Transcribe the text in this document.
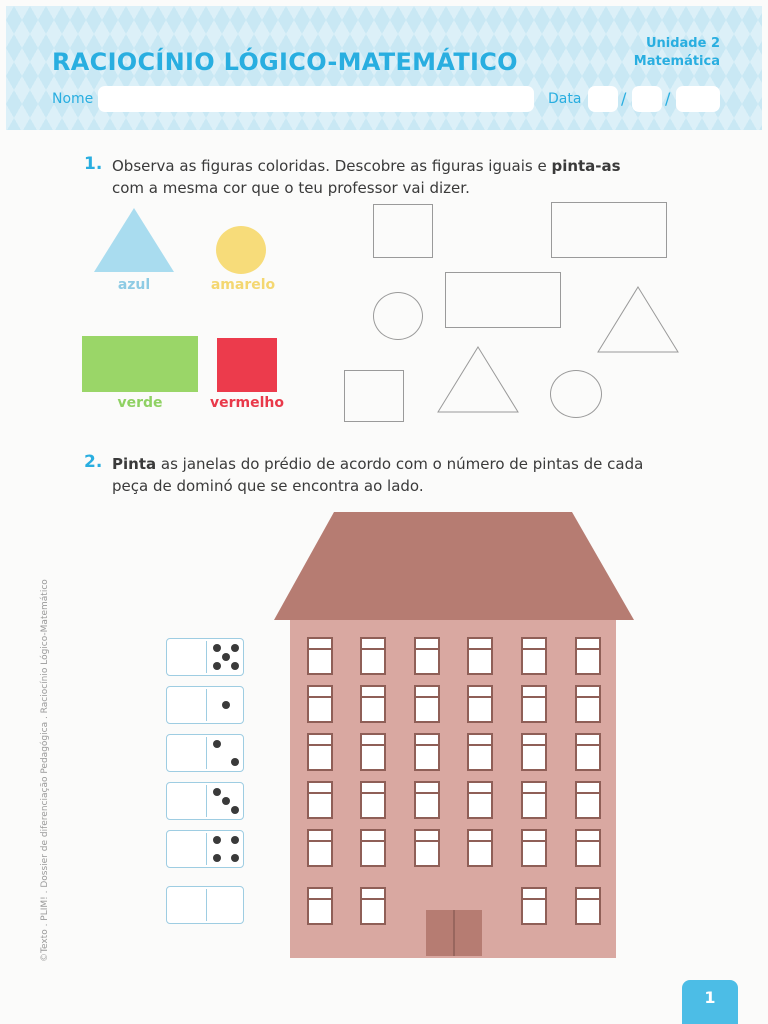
RACIOCÍNIO LÓGICO-MATEMÁTICO
Unidade 2
Matemática
Nome	Data / /
1. Observa as figuras coloridas. Descobre as figuras iguais e pinta-as
com a mesma cor que o teu professor vai dizer.
azul	amarelo
verde	vermelho
2. Pinta as janelas do prédio de acordo com o número de pintas de cada
peça de dominó que se encontra ao lado.
©Texto . PLIM! . Dossier de diferenciação Pedagógica . Raciocínio Lógico-Matemático
1
